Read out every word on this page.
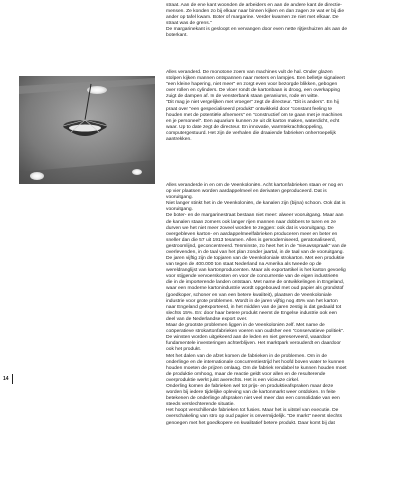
straat. Aan de ene kant woonden de arbeiders en aan de andere kant de directie-
mensen. Ze konden zo bij elkaar naar binnen kijken en dan zagen ze wat er bij die
ander op tafel kwam. Boter of margarine. Verder kwamen ze niet met elkaar. De
straat was de grens."
De margarinekant is gesloopt en vervangen door even nette rijtjeshuizen als aan de
boterkant.

Alles veranderd. De monotone zoem van machines vult de hal. Onder glazen
stolpen kijken mannen ontspannen naar meters en lampjes. Een belletje signaleert
"een kleine hapering, niet meer" en zorgt even voor bezorgde blikken, gebogen
over rollen en cylinders. De vloer rondt de kartonbaan is droog, een overkapping
zuigt de dampen af. In de vensterbank staan geraniums, rode en witte.
"Dit mag je niet vergelijken met vroeger" zegt de directeur. "Dit is anders". En hij
praat over "een gespecialiseerd produkt" ontwikkeld door "constant feeling te
houden met de potentiële afnemers" en "constructief om te gaan met je machines
en je personeel". Een aquarium kunnen ze uit dit karton maken, waterdicht, echt
waar. Up to date zegt de directeur. En innovatie, warmtekrachtkoppeling,
computergestuurd. Het zijn de verhalen die draaiende fabrieken onherroepelijk
aantrekken.

Alles veranderde in en om de Veenkoloniën. Acht kartonfabrieken staan er nog en
op vier plaatsen worden aardappelmeel en derivaten geproduceerd. Dat is
vooruitgang.
Niet langer stinkt het in de Veenkoloniën, de kanalen zijn (bijna) schoon. Ook dat is
vooruitgang.
De boter- en de margarinestraat bestaan niet meer: alweer vooruitgang. Maar aan
de kanalen staan zomers ook langer rijen mannen naar dobbers te turen en ze
durven we het niet meer zoveel worden te zeggen: ook dat is vooruitgang. De
overgebleven karton- en aardappelmeelfabrieken produceren meer en beter en
sneller dan die 57 uit 1913 tesamen. Alles is gemoderniseerd, geratonaliseerd,
gestroomlijnd, geconcentreerd. Tenminste, zo heet het in de "nieuwsspraak" van de
overlevenden, in de taal van het plan zonder jaartal, in de taal van de vooruitgang.

De jaren vijftig zijn de topjaren van de Veenkoloniale strokarton. Met een produktie
van tegen de 400.000 ton staat Nederland na Amerika als tweede op de
wereldranglijst van kartonproducenten. Maar als exportartikel is het karton gevoelig
voor stijgende vervoerskosten en voor de concurrentie van de eigen industrieën
die in de importerende landen ontstaan. Met name de ontwikkelingen in Engeland,
waar een moderne kartonindustrie wordt opgebouwd met oud papier als grondstof
(goedkoper, schoner en van een betere kwaliteit), plaatsen de Veenkoloniale
industrie voor grote problemen. Wordt in de jaren vijftig nog 45% van het karton
naar Engeland geëxporteerd, in het midden van de jaren zestig is dat gedaald tot
slechts 15%. En: door haar betere produkt neemt de Engelse industrie ook een
deel van de Nederlandse export over.
Maar de grootste problemen liggen in de Veenkoloniën zelf. Met name de
coöperatieve strokartonfabrieken voeren van oudsher een "conservatieve politiek".
De winsten worden uitgekeerd aan de leden en niet gereserveerd, waardoor
fundamentele investeringen achterblijven. Het marktpark verouderdt en daardoor
ook het produkt.
Met het dalen van de afzet komen de fabrieken in de problemen. Om in de
onderlinge en de internationale concurrentiestrijd het hoofd boven water te kunnen
houden moeten de prijzen omlaag. Om de fabriek rendabel te kunnen houden moet
de produktie omhoog, maar de reactie geldt voor allen en de resulterende
overproduktie werkt juist averechts. Het is een vicieuze cirkel.
Onderling komen de fabrieken wel tot prijs- en produktieafspraken maar deze
worden bij iedere tijdelijke opleving van de kartonmarkt weer ontdoken. In feite
betekenen de onderlinge afspraken niet veel meer dan een consolidatie van een
steeds verslechterende situatie.
Het hoopt verschillende fabrieken tot fusies. Maar het is uitstel van executie. De
overschakeling van stro op oud papier is onvermijdelijk. "De markt" neemt slechts
genoegen met het goedkopere en kwalitatief betere produkt. Daar komt bij dat

14
